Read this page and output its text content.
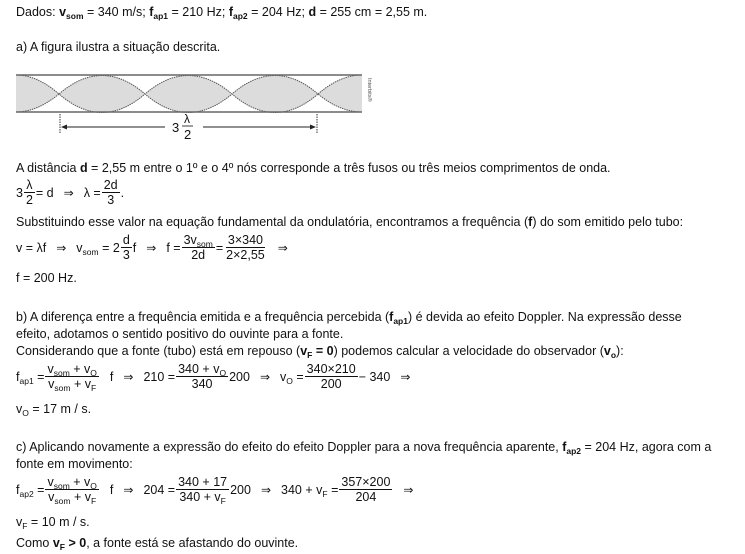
Dados: $v_{som} = 340$ m/s; $f_{ap1} = 210$ Hz; $f_{ap2} = 204$ Hz; d = 255 cm = 2,55 m.
a) A figura ilustra a situação descrita.
3
λ
2
Interbits®
A distância d = 2,55 m entre o 1º e o 4º nós corresponde a três fusos ou três meios comprimentos de onda.
$3 \frac{\lambda}{2} = d$ ⇒ $\lambda = \frac{2d}{3}$ .
Substituindo esse valor na equação fundamental da ondulatória, encontramos a frequência (f) do som emitido pelo tubo:
v = λf ⇒ $v_{som}$
= $2 \frac{d}{3}$ f ⇒ $f = \frac{3v_{som}}{2d} = \frac{3\times 340}{2\times 2,55}$ ⇒
f = 200 Hz.
b) A diferença entre a frequência emitida e a frequência percebida $(f_{ap1})$ é devida ao efeito Doppler. Na expressão desse
efeito, adotamos o sentido positivo do ouvinte para a fonte.
Considerando que a fonte (tubo) está em repouso $(v_F = 0)$ podemos calcular a velocidade do observador $(v_o)$:
$f_{ap1}$
= $\frac{v_{som} + v_O}{v_{som} + v_F}$ f ⇒ $210 = \frac{340 + v_O}{340} 200$ ⇒ $v_O$
= $\frac{340\times 210}{200} - 340$ ⇒
$v_O = 17$ m / s.
c) Aplicando novamente a expressão do efeito do efeito Doppler para a nova frequência aparente, $f_{ap2} = 204$ Hz, agora com a
fonte em movimento:
$f_{ap2}$
= $\frac{v_{som} + v_O}{v_{som} + v_F}$ f ⇒ $204 = \frac{340 + 17}{340 + v_F} 200$ ⇒ $340 + v_F$
= $\frac{357\times 200}{204}$ ⇒
$v_F = 10$ m / s.
Como $v_F > 0$, a fonte está se afastando do ouvinte.
